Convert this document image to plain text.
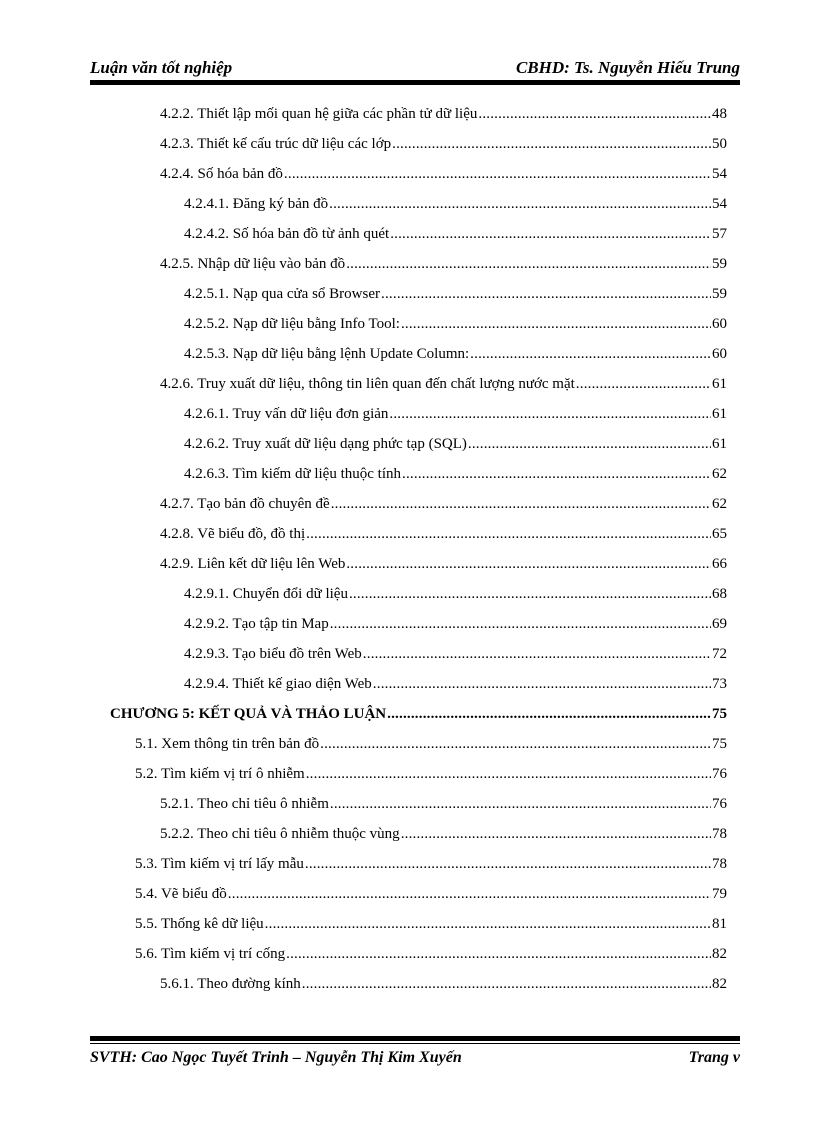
Luận văn tốt nghiệp	CBHD: Ts. Nguyễn Hiếu Trung
4.2.2. Thiết lập mối quan hệ giữa các phần tử dữ liệu .....	48
4.2.3. Thiết kế cấu trúc dữ liệu các lớp .....	50
4.2.4. Số hóa bản đồ .....	54
4.2.4.1. Đăng ký bản đồ .....	54
4.2.4.2. Số hóa bản đồ từ ảnh quét .....	57
4.2.5. Nhập dữ liệu vào bản đồ .....	59
4.2.5.1. Nạp qua cửa sổ Browser .....	59
4.2.5.2. Nạp dữ liệu bằng Info Tool: .....	60
4.2.5.3. Nạp dữ liệu bằng lệnh Update Column: .....	60
4.2.6. Truy xuất dữ liệu, thông tin liên quan đến chất lượng nước mặt .....	61
4.2.6.1. Truy vấn dữ liệu đơn giản .....	61
4.2.6.2. Truy xuất dữ liệu dạng phức tạp (SQL) .....	61
4.2.6.3. Tìm kiếm dữ liệu thuộc tính .....	62
4.2.7. Tạo bản đồ chuyên đề .....	62
4.2.8. Vẽ biểu đồ, đồ thị .....	65
4.2.9. Liên kết dữ liệu lên Web .....	66
4.2.9.1. Chuyển đổi dữ liệu .....	68
4.2.9.2. Tạo tập tin Map .....	69
4.2.9.3. Tạo biểu đồ trên Web .....	72
4.2.9.4. Thiết kế giao diện Web .....	73
CHƯƠNG 5: KẾT QUẢ VÀ THẢO LUẬN .....	75
5.1. Xem thông tin trên bản đồ .....	75
5.2. Tìm kiếm vị trí ô nhiễm .....	76
5.2.1. Theo chỉ tiêu ô nhiễm .....	76
5.2.2. Theo chỉ tiêu ô nhiễm thuộc vùng .....	78
5.3. Tìm kiếm vị trí lấy mẫu .....	78
5.4. Vẽ biểu đồ .....	79
5.5. Thống kê dữ liệu .....	81
5.6. Tìm kiếm vị trí cống .....	82
5.6.1. Theo đường kính .....	82
SVTH: Cao Ngọc Tuyết Trinh – Nguyễn Thị Kim Xuyến	Trang v
